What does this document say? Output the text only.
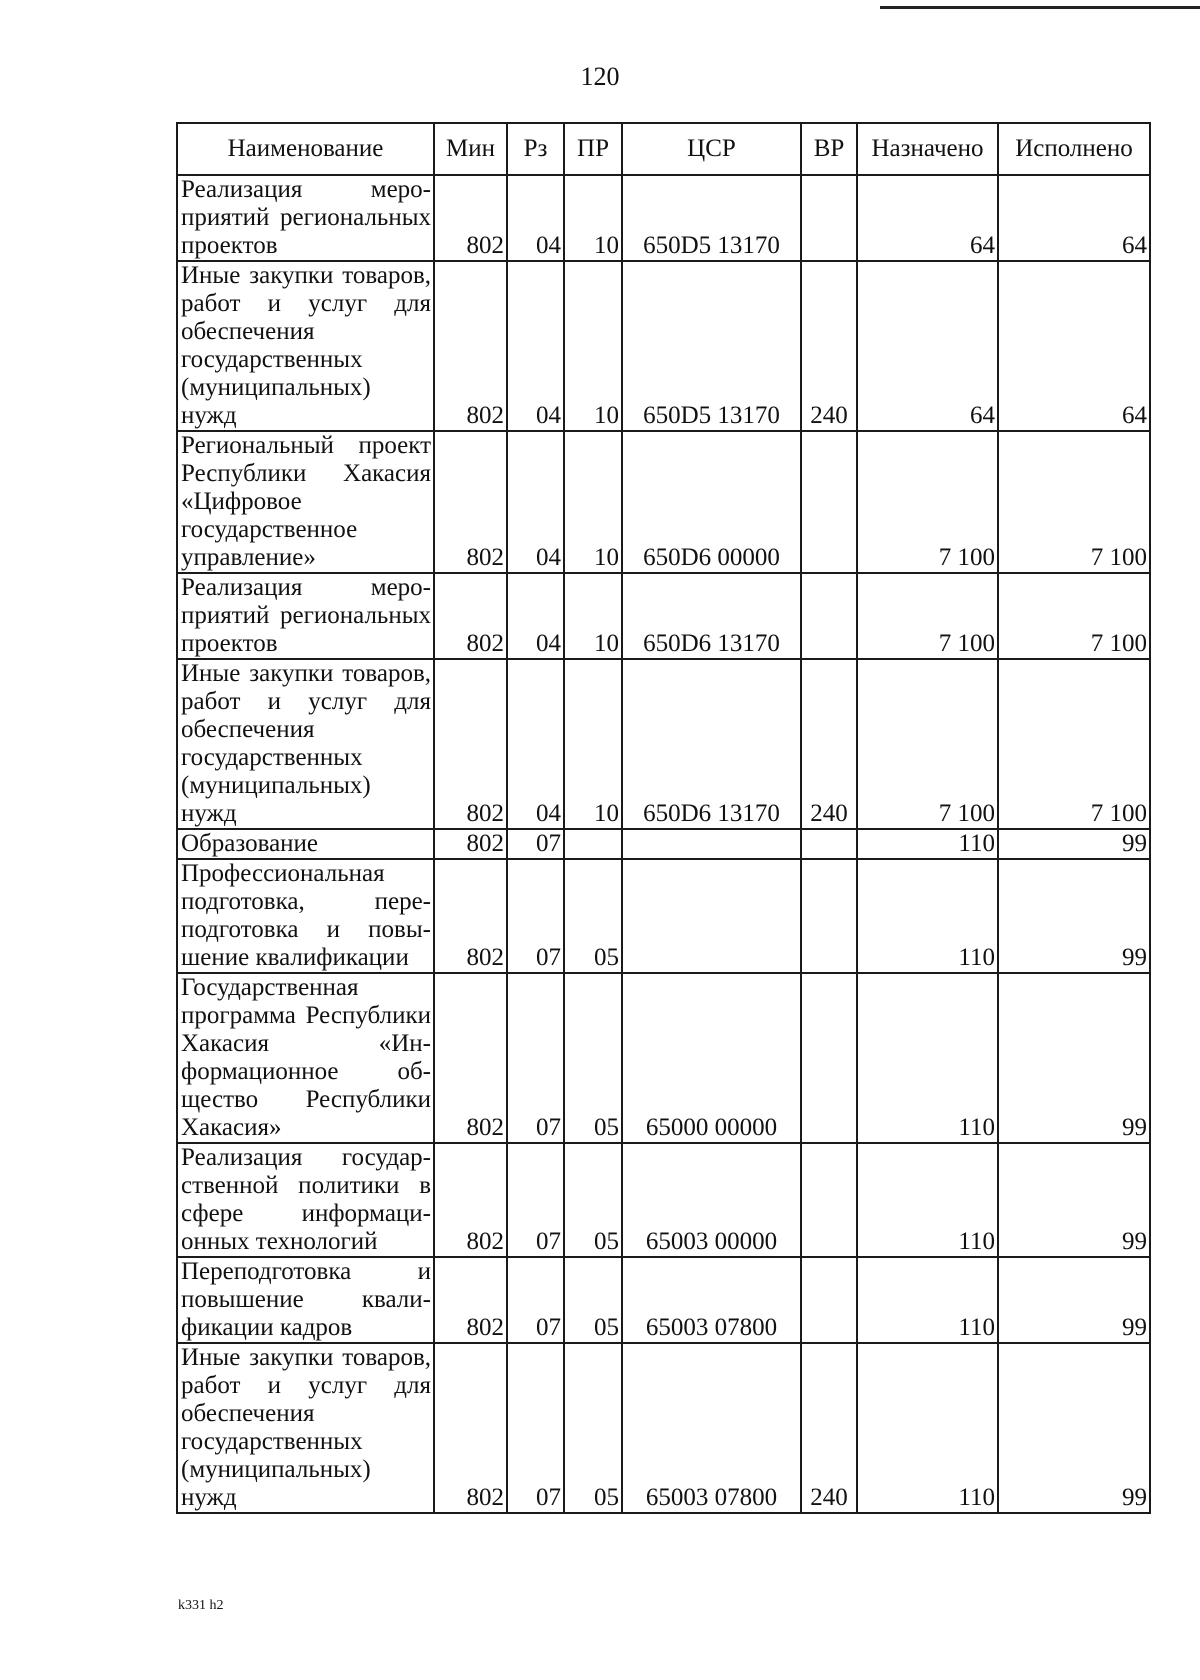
120
Наименование	Мин	Рз	ПР	ЦСР	ВР	Назначено	Исполнено
Реализация мероприятий региональных проектов	802	04	10	650D5 13170		64	64
Иные закупки товаров, работ и услуг для обеспечения государственных (муниципальных) нужд	802	04	10	650D5 13170	240	64	64
Региональный проект Республики Хакасия «Цифровое государственное управление»	802	04	10	650D6 00000		7 100	7 100
Реализация мероприятий региональных проектов	802	04	10	650D6 13170		7 100	7 100
Иные закупки товаров, работ и услуг для обеспечения государственных (муниципальных) нужд	802	04	10	650D6 13170	240	7 100	7 100
Образование	802	07				110	99
Профессиональная подготовка, переподготовка и повышение квалификации	802	07	05			110	99
Государственная программа Республики Хакасия «Информационное общество Республики Хакасия»	802	07	05	65000 00000		110	99
Реализация государственной политики в сфере информационных технологий	802	07	05	65003 00000		110	99
Переподготовка и повышение квалификации кадров	802	07	05	65003 07800		110	99
Иные закупки товаров, работ и услуг для обеспечения государственных (муниципальных) нужд	802	07	05	65003 07800	240	110	99
k331 h2
